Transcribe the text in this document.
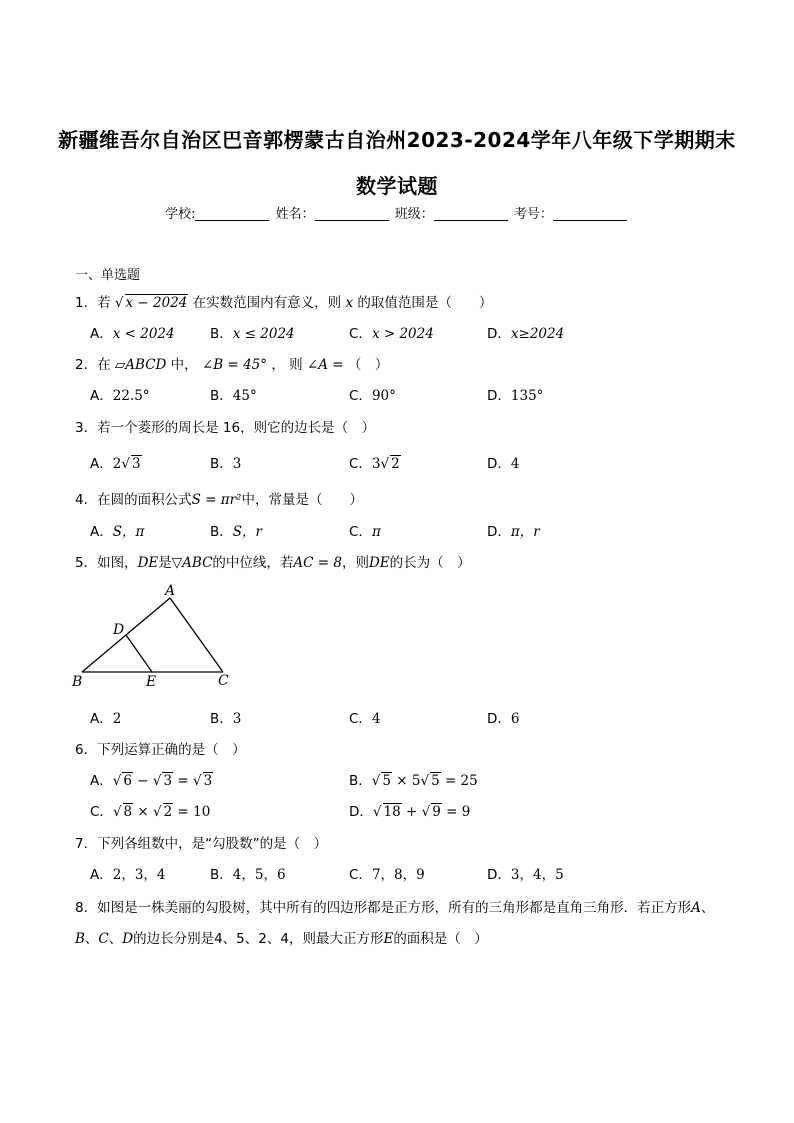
新疆维吾尔自治区巴音郭楞蒙古自治州2023-2024学年八年级下学期期末
数学试题
学校:	姓名：	班级：	考号：
一、单选题
1．若 √ x − 2024 在实数范围内有意义，则 x 的取值范围是（　　）
A．x < 2024	B．x ≤ 2024	C．x > 2024	D．x≥2024
2．在 ▱ABCD 中， ∠B = 45° ， 则 ∠A = （　）
A．22.5°	B．45°	C．90°	D．135°
3．若一个菱形的周长是 16，则它的边长是（　）
A．2√ 3	B．3	C．3√ 2	D．4
4．在圆的面积公式S = πr²中，常量是（　　）
A．S，π	B．S，r	C．π	D．π，r
5．如图，DE是▽ABC的中位线，若AC = 8，则DE的长为（　）
A
B	C
D
E
A．2	B．3	C．4	D．6
6．下列运算正确的是（　）
A．√ 6 − √ 3 = √ 3	B．√ 5 × 5√ 5 = 25
C．√ 8 × √ 2 = 10	D．√ 18 + √ 9 = 9
7．下列各组数中，是“勾股数”的是（　）
A．2，3，4	B．4，5，6	C．7，8，9	D．3，4，5
8．如图是一株美丽的勾股树，其中所有的四边形都是正方形，所有的三角形都是直角三角形．若正方形A、B、C、D的边长分别是4、5、2、4，则最大正方形E的面积是（　）
